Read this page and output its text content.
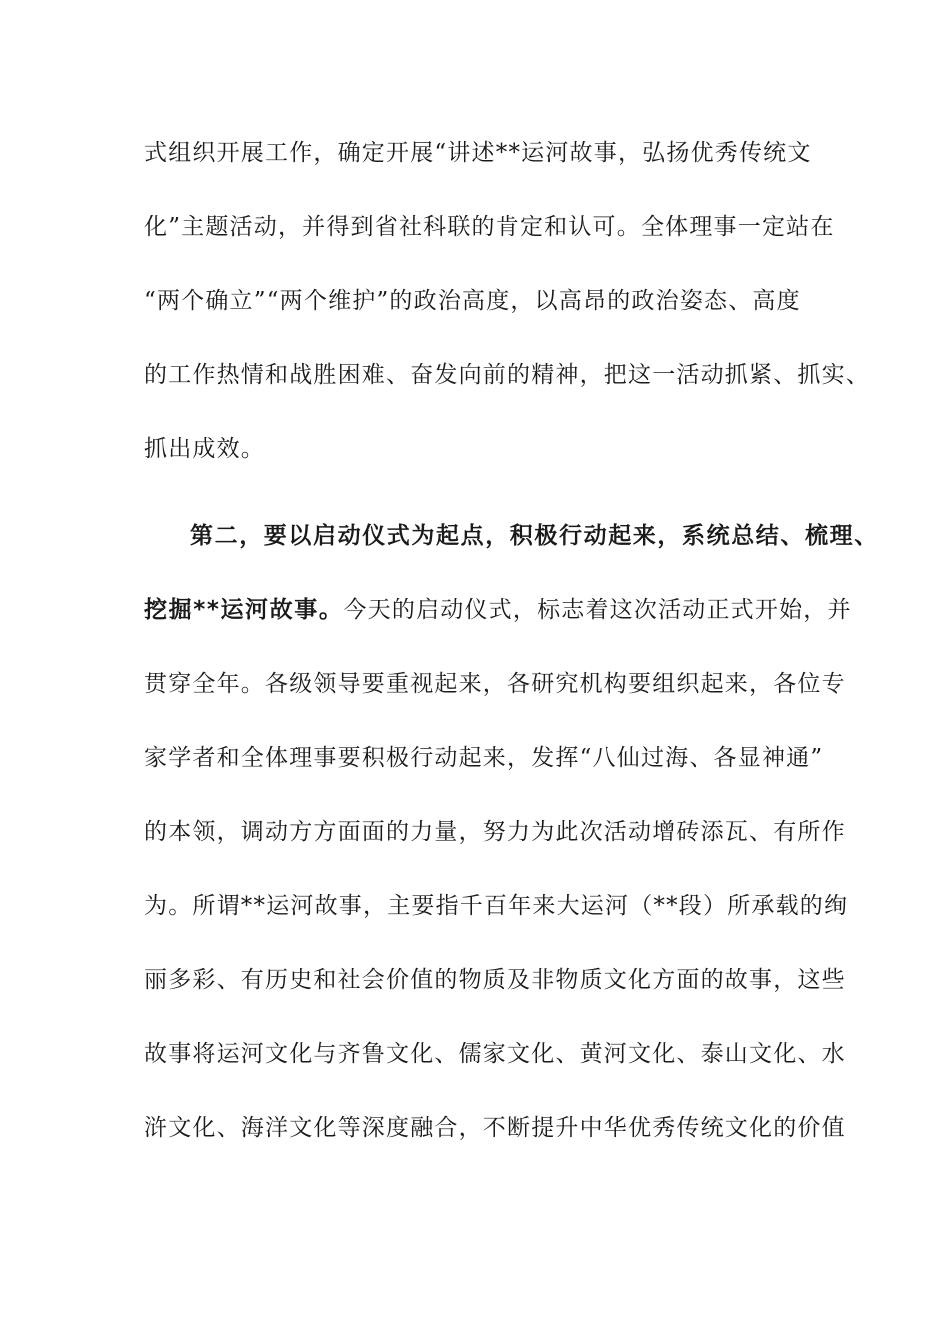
式组织开展工作，确定开展“讲述**运河故事，弘扬优秀传统文
化”主题活动，并得到省社科联的肯定和认可。全体理事一定站在
“两个确立”“两个维护”的政治高度，以高昂的政治姿态、高度
的工作热情和战胜困难、奋发向前的精神，把这一活动抓紧、抓实、
抓出成效。
第二，要以启动仪式为起点，积极行动起来，系统总结、梳理、
挖掘**运河故事。今天的启动仪式，标志着这次活动正式开始，并
贯穿全年。各级领导要重视起来，各研究机构要组织起来，各位专
家学者和全体理事要积极行动起来，发挥“八仙过海、各显神通”
的本领，调动方方面面的力量，努力为此次活动增砖添瓦、有所作
为。所谓**运河故事，主要指千百年来大运河（**段）所承载的绚
丽多彩、有历史和社会价值的物质及非物质文化方面的故事，这些
故事将运河文化与齐鲁文化、儒家文化、黄河文化、泰山文化、水
浒文化、海洋文化等深度融合，不断提升中华优秀传统文化的价值
